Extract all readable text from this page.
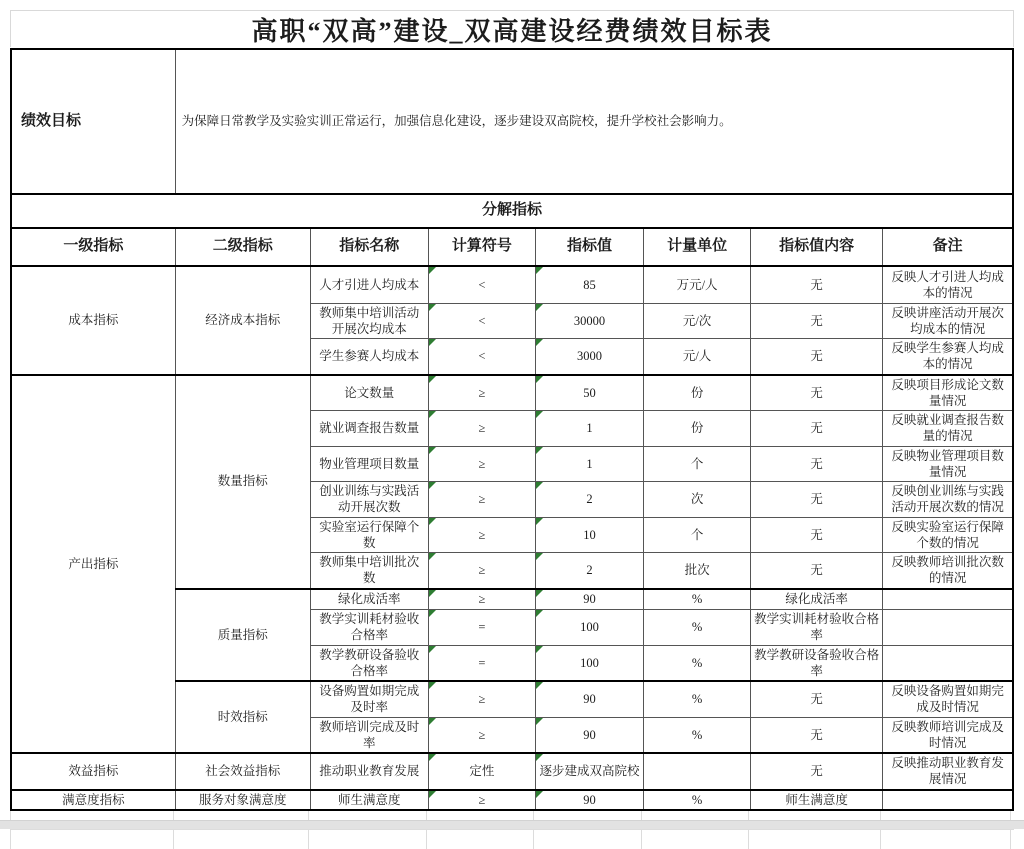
高职“双高”建设_双高建设经费绩效目标表
绩效目标	为保障日常教学及实验实训正常运行，加强信息化建设，逐步建设双高院校，提升学校社会影响力。						
分解指标							
一级指标	二级指标	指标名称	计算符号	指标值	计量单位	指标值内容	备注
成本指标	经济成本指标	人才引进人均成本	<	85	万元/人	无	反映人才引进人均成本的情况
		教师集中培训活动开展次均成本	<	30000	元/次	无	反映讲座活动开展次均成本的情况
		学生参赛人均成本	<	3000	元/人	无	反映学生参赛人均成本的情况
产出指标	数量指标	论文数量	≥	50	份	无	反映项目形成论文数量情况
		就业调查报告数量	≥	1	份	无	反映就业调查报告数量的情况
		物业管理项目数量	≥	1	个	无	反映物业管理项目数量情况
		创业训练与实践活动开展次数	≥	2	次	无	反映创业训练与实践活动开展次数的情况
		实验室运行保障个数	≥	10	个	无	反映实验室运行保障个数的情况
		教师集中培训批次数	≥	2	批次	无	反映教师培训批次数的情况
	质量指标	绿化成活率	≥	90	%	绿化成活率	
		教学实训耗材验收合格率	=	100	%	教学实训耗材验收合格率	
		教学教研设备验收合格率	=	100	%	教学教研设备验收合格率	
	时效指标	设备购置如期完成及时率	≥	90	%	无	反映设备购置如期完成及时情况
		教师培训完成及时率	≥	90	%	无	反映教师培训完成及时情况
效益指标	社会效益指标	推动职业教育发展	定性	逐步建成双高院校		无	反映推动职业教育发展情况
满意度指标	服务对象满意度	师生满意度	≥	90	%	师生满意度	
